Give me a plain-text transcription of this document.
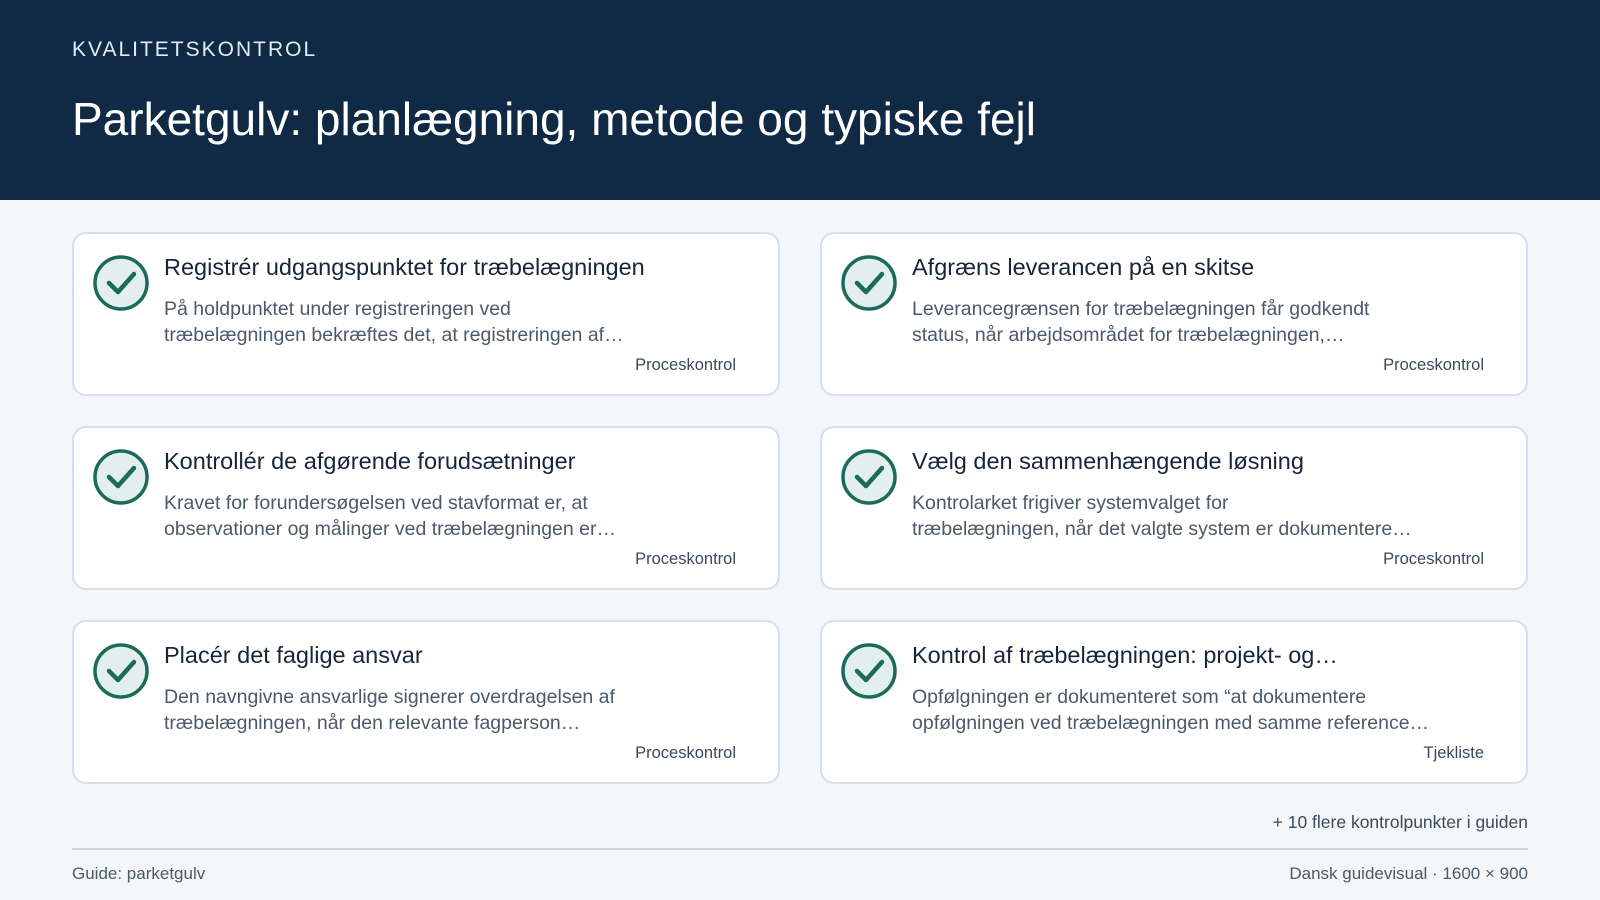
KVALITETSKONTROL
Parketgulv: planlægning, metode og typiske fejl
Registrér udgangspunktet for træbelægningen
På holdpunktet under registreringen ved
træbelægningen bekræftes det, at registreringen af…
Proceskontrol
Afgræns leverancen på en skitse
Leverancegrænsen for træbelægningen får godkendt
status, når arbejdsområdet for træbelægningen,…
Proceskontrol
Kontrollér de afgørende forudsætninger
Kravet for forundersøgelsen ved stavformat er, at
observationer og målinger ved træbelægningen er…
Proceskontrol
Vælg den sammenhængende løsning
Kontrolarket frigiver systemvalget for
træbelægningen, når det valgte system er dokumentere…
Proceskontrol
Placér det faglige ansvar
Den navngivne ansvarlige signerer overdragelsen af
træbelægningen, når den relevante fagperson…
Proceskontrol
Kontrol af træbelægningen: projekt- og…
Opfølgningen er dokumenteret som “at dokumentere
opfølgningen ved træbelægningen med samme reference…
Tjekliste
+ 10 flere kontrolpunkter i guiden
Guide: parketgulv	Dansk guidevisual · 1600 × 900
